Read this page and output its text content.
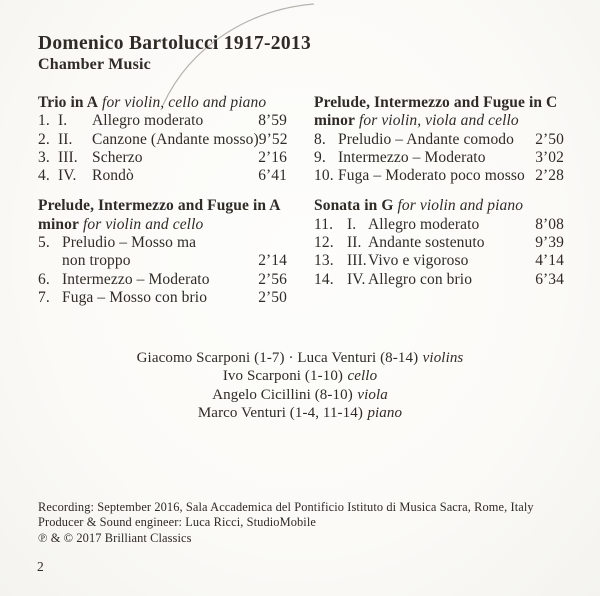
Domenico Bartolucci 1917-2013
Chamber Music
Trio in A for violin, cello and piano
1. I.	Allegro moderato	8’59
2. II.	Canzone (Andante mosso) 9’52
3. III. Scherzo	2’16
4. IV. Rondò	6’41
Prelude, Intermezzo and Fugue in A
minor for violin and cello
5. Preludio – Mosso ma
non troppo	2’14
6. Intermezzo – Moderato	2’56
7. Fuga – Mosso con brio	2’50
Prelude, Intermezzo and Fugue in C
minor for violin, viola and cello
8. Preludio – Andante comodo	2’50
9. Intermezzo – Moderato	3’02
10. Fuga – Moderato poco mosso 2’28
Sonata in G for violin and piano
11. I. Allegro moderato	8’08
12. II. Andante sostenuto	9’39
13. III. Vivo e vigoroso	4’14
14. IV. Allegro con brio	6’34
Giacomo Scarponi (1-7) · Luca Venturi (8-14) violins
Ivo Scarponi (1-10) cello
Angelo Cicillini (8-10) viola
Marco Venturi (1-4, 11-14) piano
Recording: September 2016, Sala Accademica del Pontificio Istituto di Musica Sacra, Rome, Italy
Producer & Sound engineer: Luca Ricci, StudioMobile
℗ & © 2017 Brilliant Classics
2
